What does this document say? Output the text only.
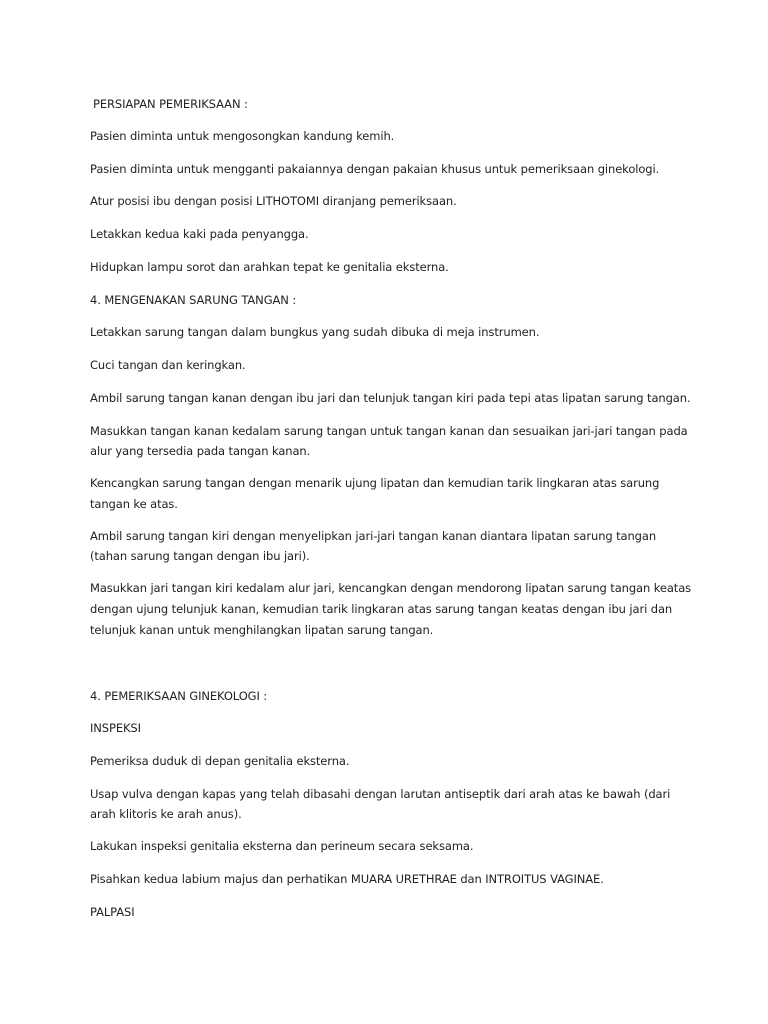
PERSIAPAN PEMERIKSAAN :
Pasien diminta untuk mengosongkan kandung kemih.
Pasien diminta untuk mengganti pakaiannya dengan pakaian khusus untuk pemeriksaan ginekologi.
Atur posisi ibu dengan posisi LITHOTOMI diranjang pemeriksaan.
Letakkan kedua kaki pada penyangga.
Hidupkan lampu sorot dan arahkan tepat ke genitalia eksterna.
4. MENGENAKAN SARUNG TANGAN :
Letakkan sarung tangan dalam bungkus yang sudah dibuka di meja instrumen.
Cuci tangan dan keringkan.
Ambil sarung tangan kanan dengan ibu jari dan telunjuk tangan kiri pada tepi atas lipatan sarung tangan.
Masukkan tangan kanan kedalam sarung tangan untuk tangan kanan dan sesuaikan jari-jari tangan pada
alur yang tersedia pada tangan kanan.
Kencangkan sarung tangan dengan menarik ujung lipatan dan kemudian tarik lingkaran atas sarung
tangan ke atas.
Ambil sarung tangan kiri dengan menyelipkan jari-jari tangan kanan diantara lipatan sarung tangan
(tahan sarung tangan dengan ibu jari).
Masukkan jari tangan kiri kedalam alur jari, kencangkan dengan mendorong lipatan sarung tangan keatas
dengan ujung telunjuk kanan, kemudian tarik lingkaran atas sarung tangan keatas dengan ibu jari dan
telunjuk kanan untuk menghilangkan lipatan sarung tangan.
4. PEMERIKSAAN GINEKOLOGI :
INSPEKSI
Pemeriksa duduk di depan genitalia eksterna.
Usap vulva dengan kapas yang telah dibasahi dengan larutan antiseptik dari arah atas ke bawah (dari
arah klitoris ke arah anus).
Lakukan inspeksi genitalia eksterna dan perineum secara seksama.
Pisahkan kedua labium majus dan perhatikan MUARA URETHRAE dan INTROITUS VAGINAE.
PALPASI
